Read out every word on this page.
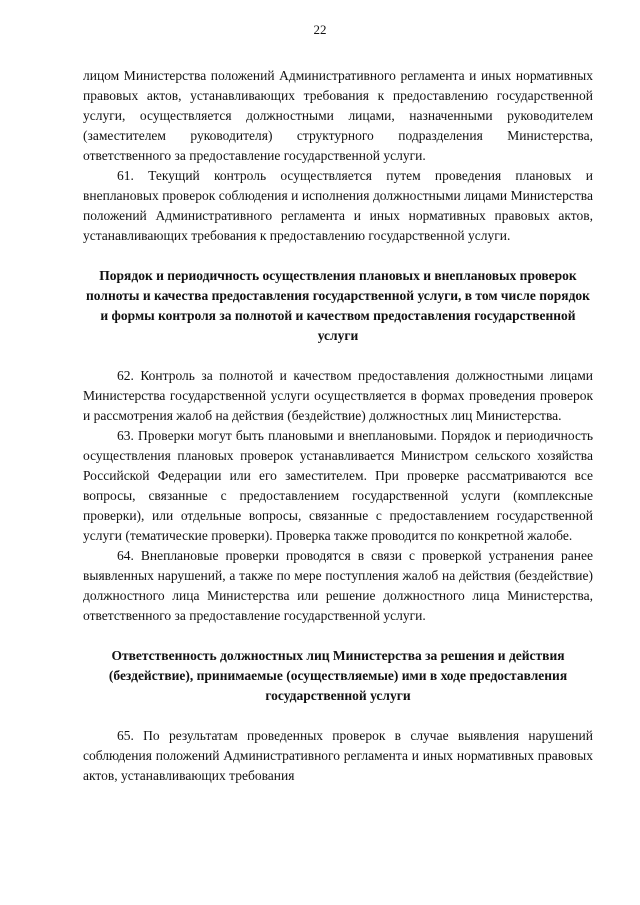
22

лицом Министерства положений Административного регламента и иных нормативных правовых актов, устанавливающих требования к предоставлению государственной услуги, осуществляется должностными лицами, назначенными руководителем (заместителем руководителя) структурного подразделения Министерства, ответственного за предоставление государственной услуги.

61. Текущий контроль осуществляется путем проведения плановых и внеплановых проверок соблюдения и исполнения должностными лицами Министерства положений Административного регламента и иных нормативных правовых актов, устанавливающих требования к предоставлению государственной услуги.

Порядок и периодичность осуществления плановых и внеплановых проверок полноты и качества предоставления государственной услуги, в том числе порядок и формы контроля за полнотой и качеством предоставления государственной услуги

62. Контроль за полнотой и качеством предоставления должностными лицами Министерства государственной услуги осуществляется в формах проведения проверок и рассмотрения жалоб на действия (бездействие) должностных лиц Министерства.

63. Проверки могут быть плановыми и внеплановыми. Порядок и периодичность осуществления плановых проверок устанавливается Министром сельского хозяйства Российской Федерации или его заместителем. При проверке рассматриваются все вопросы, связанные с предоставлением государственной услуги (комплексные проверки), или отдельные вопросы, связанные с предоставлением государственной услуги (тематические проверки). Проверка также проводится по конкретной жалобе.

64. Внеплановые проверки проводятся в связи с проверкой устранения ранее выявленных нарушений, а также по мере поступления жалоб на действия (бездействие) должностного лица Министерства или решение должностного лица Министерства, ответственного за предоставление государственной услуги.

Ответственность должностных лиц Министерства за решения и действия (бездействие), принимаемые (осуществляемые) ими в ходе предоставления государственной услуги

65. По результатам проведенных проверок в случае выявления нарушений соблюдения положений Административного регламента и иных нормативных правовых актов, устанавливающих требования
